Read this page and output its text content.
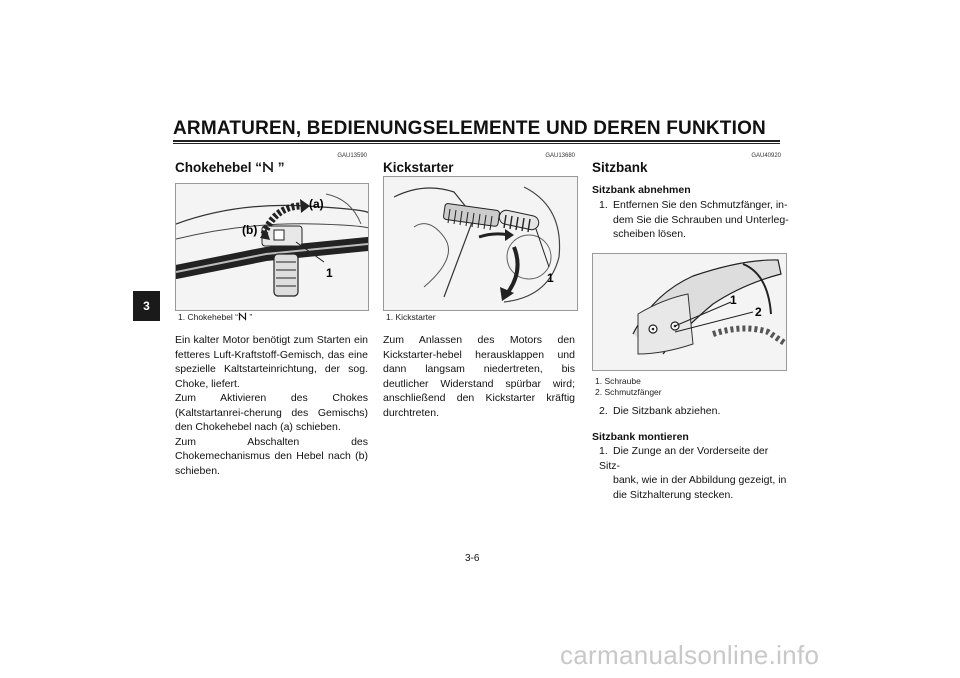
ARMATUREN, BEDIENUNGSELEMENTE UND DEREN FUNKTION
3
GAU13590
Chokehebel “ ”
(a)
(b)
1
1. Chokehebel “ ”
Ein kalter Motor benötigt zum Starten ein fetteres Luft-Kraftstoff-Gemisch, das eine spezielle Kaltstarteinrichtung, der sog. Choke, liefert.
Zum Aktivieren des Chokes (Kaltstartanrei-cherung des Gemischs) den Chokehebel nach (a) schieben.
Zum Abschalten des Chokemechanismus den Hebel nach (b) schieben.
GAU13680
Kickstarter
1
1. Kickstarter
Zum Anlassen des Motors den Kickstarter-hebel herausklappen und dann langsam niedertreten, bis deutlicher Widerstand spürbar wird; anschließend den Kickstarter kräftig durchtreten.
GAU40920
Sitzbank
Sitzbank abnehmen
1. Entfernen Sie den Schmutzfänger, in-
dem Sie die Schrauben und Unterleg-
scheiben lösen.
1
2
1. Schraube
2. Schmutzfänger
2. Die Sitzbank abziehen.
Sitzbank montieren
1. Die Zunge an der Vorderseite der Sitz-
bank, wie in der Abbildung gezeigt, in
die Sitzhalterung stecken.
3-6
carmanualsonline.info
